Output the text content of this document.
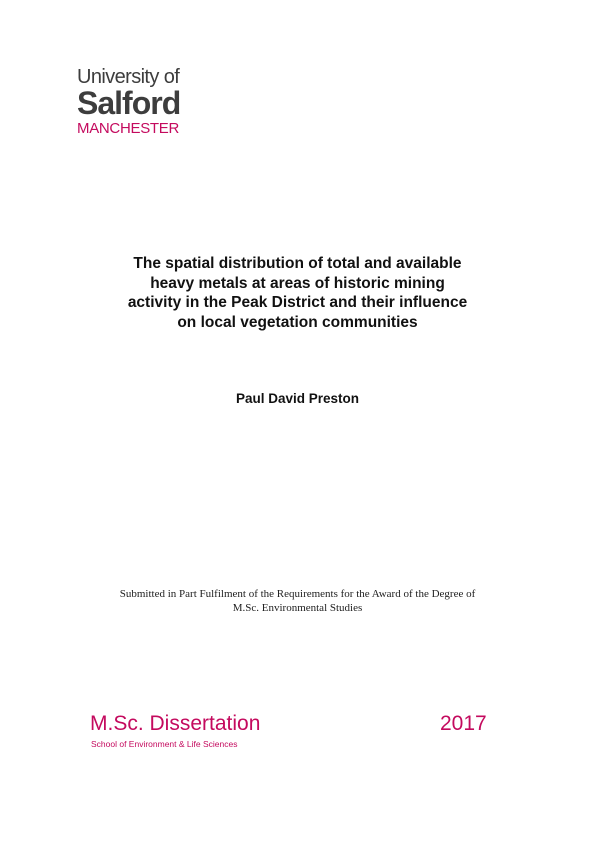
University of
Salford
MANCHESTER
The spatial distribution of total and available
heavy metals at areas of historic mining
activity in the Peak District and their influence
on local vegetation communities
Paul David Preston
Submitted in Part Fulfilment of the Requirements for the Award of the Degree of
M.Sc. Environmental Studies
M.Sc. Dissertation	2017
School of Environment & Life Sciences
